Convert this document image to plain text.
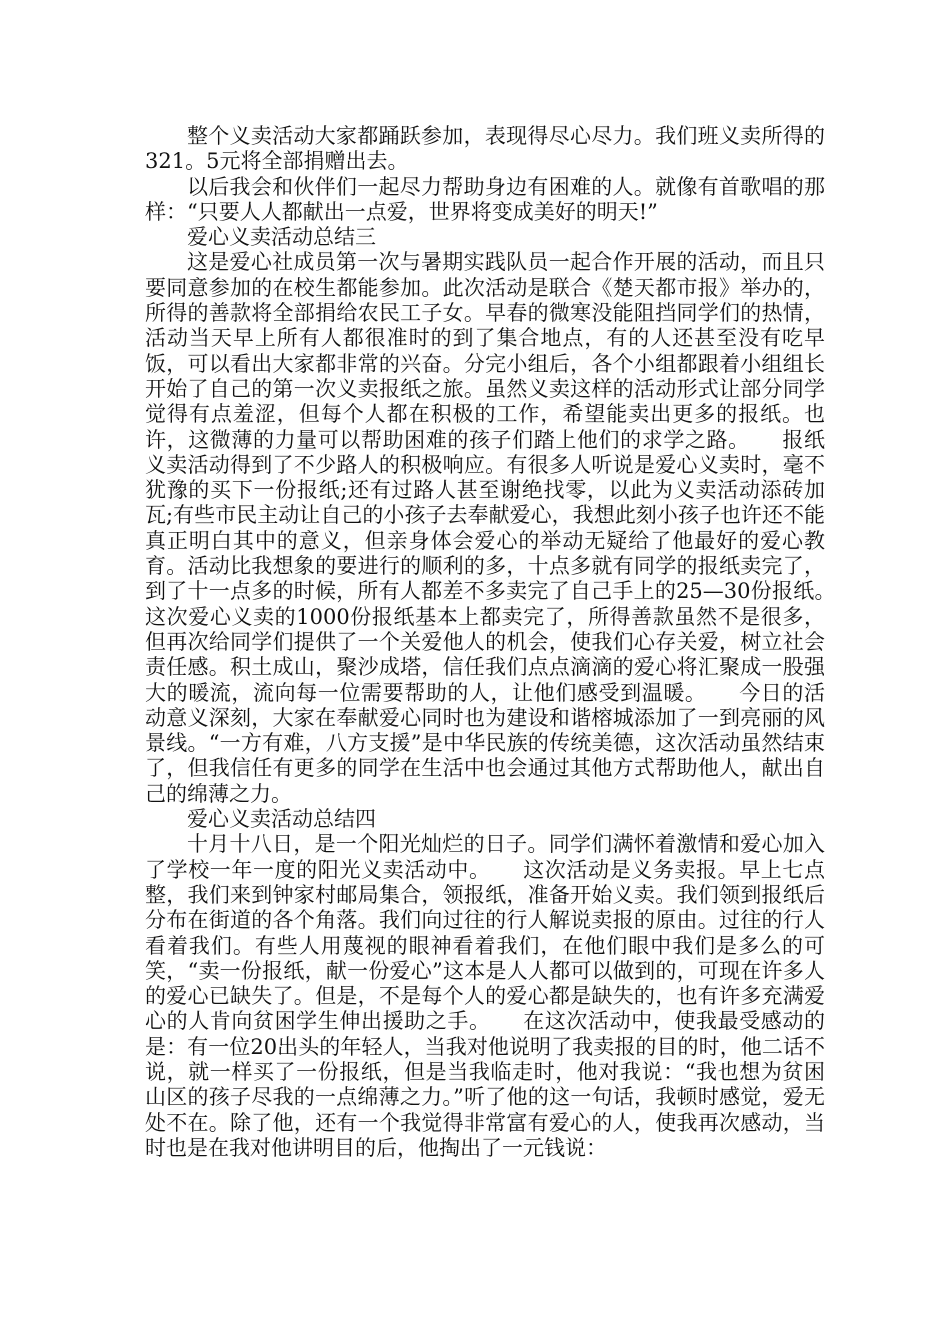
整个义卖活动大家都踊跃参加，表现得尽心尽力。我们班义卖所得的321。5元将全部捐赠出去。

以后我会和伙伴们一起尽力帮助身边有困难的人。就像有首歌唱的那样：“只要人人都献出一点爱，世界将变成美好的明天!”

爱心义卖活动总结三

这是爱心社成员第一次与暑期实践队员一起合作开展的活动，而且只要同意参加的在校生都能参加。此次活动是联合《楚天都市报》举办的，所得的善款将全部捐给农民工子女。早春的微寒没能阻挡同学们的热情，活动当天早上所有人都很准时的到了集合地点，有的人还甚至没有吃早饭，可以看出大家都非常的兴奋。分完小组后，各个小组都跟着小组组长开始了自己的第一次义卖报纸之旅。虽然义卖这样的活动形式让部分同学觉得有点羞涩，但每个人都在积极的工作，希望能卖出更多的报纸。也许，这微薄的力量可以帮助困难的孩子们踏上他们的求学之路。　　报纸义卖活动得到了不少路人的积极响应。有很多人听说是爱心义卖时，毫不犹豫的买下一份报纸;还有过路人甚至谢绝找零，以此为义卖活动添砖加瓦;有些市民主动让自己的小孩子去奉献爱心，我想此刻小孩子也许还不能真正明白其中的意义，但亲身体会爱心的举动无疑给了他最好的爱心教育。活动比我想象的要进行的顺利的多，十点多就有同学的报纸卖完了，到了十一点多的时候，所有人都差不多卖完了自己手上的25—30份报纸。　　这次爱心义卖的1000份报纸基本上都卖完了，所得善款虽然不是很多，但再次给同学们提供了一个关爱他人的机会，使我们心存关爱，树立社会责任感。积土成山，聚沙成塔，信任我们点点滴滴的爱心将汇聚成一股强大的暖流，流向每一位需要帮助的人，让他们感受到温暖。　　今日的活动意义深刻，大家在奉献爱心同时也为建设和谐榕城添加了一到亮丽的风景线。“一方有难，八方支援”是中华民族的传统美德，这次活动虽然结束了，但我信任有更多的同学在生活中也会通过其他方式帮助他人，献出自己的绵薄之力。

爱心义卖活动总结四

十月十八日，是一个阳光灿烂的日子。同学们满怀着激情和爱心加入了学校一年一度的阳光义卖活动中。　　这次活动是义务卖报。早上七点整，我们来到钟家村邮局集合，领报纸，准备开始义卖。我们领到报纸后分布在街道的各个角落。我们向过往的行人解说卖报的原由。过往的行人看着我们。有些人用蔑视的眼神看着我们，在他们眼中我们是多么的可笑，“卖一份报纸，献一份爱心”这本是人人都可以做到的，可现在许多人的爱心已缺失了。但是，不是每个人的爱心都是缺失的，也有许多充满爱心的人肯向贫困学生伸出援助之手。　　在这次活动中，使我最受感动的是：有一位20出头的年轻人，当我对他说明了我卖报的目的时，他二话不说，就一样买了一份报纸，但是当我临走时，他对我说：“我也想为贫困山区的孩子尽我的一点绵薄之力。”听了他的这一句话，我顿时感觉，爱无处不在。除了他，还有一个我觉得非常富有爱心的人，使我再次感动，当时也是在我对他讲明目的后，他掏出了一元钱说：
